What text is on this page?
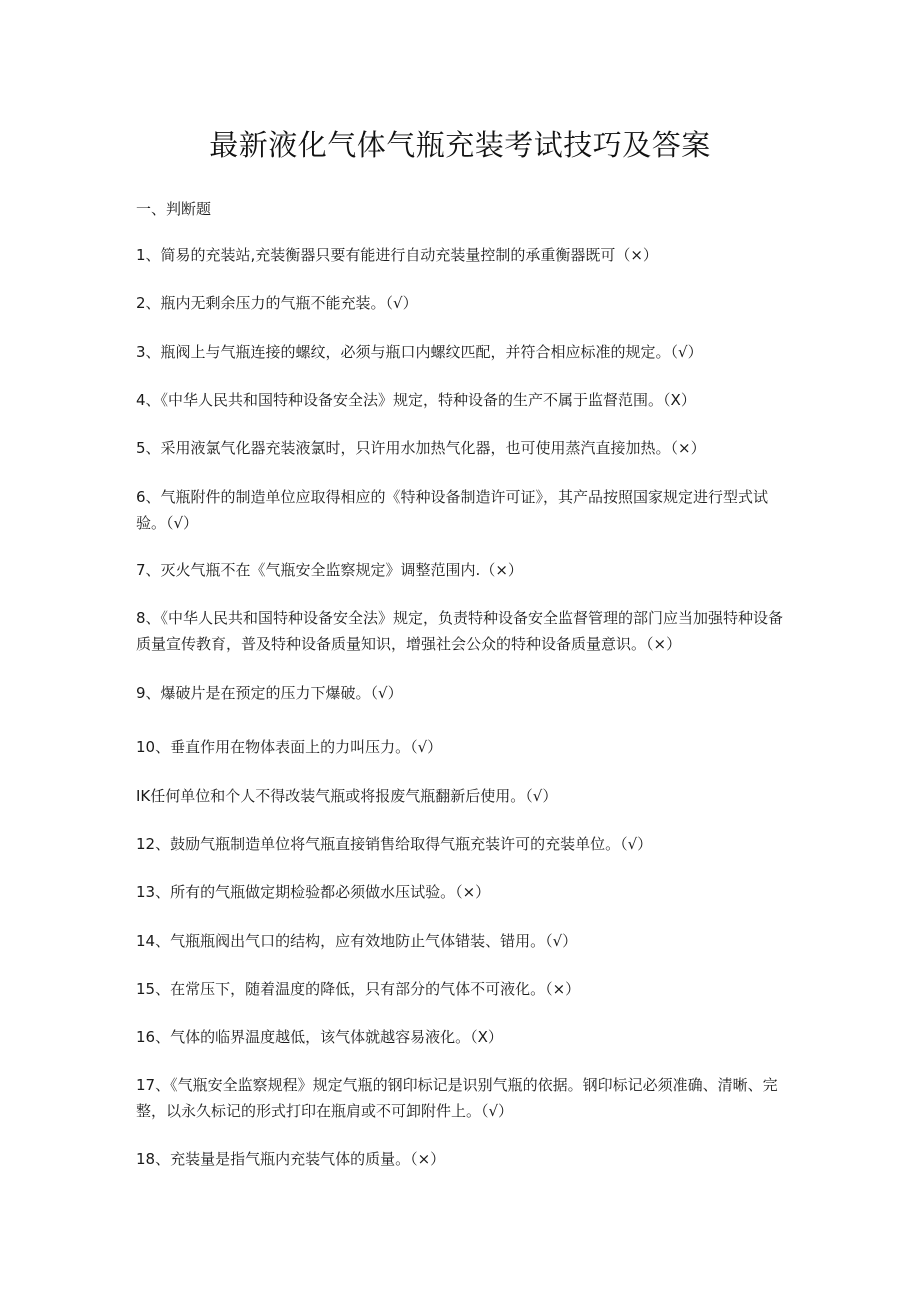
最新液化气体气瓶充装考试技巧及答案
一、判断题

1、简易的充装站,充装衡器只要有能进行自动充装量控制的承重衡器既可（×）

2、瓶内无剩余压力的气瓶不能充装。（√）

3、瓶阀上与气瓶连接的螺纹，必须与瓶口内螺纹匹配，并符合相应标准的规定。（√）

4、《中华人民共和国特种设备安全法》规定，特种设备的生产不属于监督范围。（X）

5、采用液氯气化器充装液氯时，只许用水加热气化器，也可使用蒸汽直接加热。（×）

6、气瓶附件的制造单位应取得相应的《特种设备制造许可证》，其产品按照国家规定进行型式试验。（√）

7、灭火气瓶不在《气瓶安全监察规定》调整范围内.（×）

8、《中华人民共和国特种设备安全法》规定，负责特种设备安全监督管理的部门应当加强特种设备质量宣传教育，普及特种设备质量知识，增强社会公众的特种设备质量意识。（×）

9、爆破片是在预定的压力下爆破。（√）

10、垂直作用在物体表面上的力叫压力。（√）

IK任何单位和个人不得改装气瓶或将报废气瓶翻新后使用。（√）

12、鼓励气瓶制造单位将气瓶直接销售给取得气瓶充装许可的充装单位。（√）

13、所有的气瓶做定期检验都必须做水压试验。（×）

14、气瓶瓶阀出气口的结构，应有效地防止气体错装、错用。（√）

15、在常压下，随着温度的降低，只有部分的气体不可液化。（×）

16、气体的临界温度越低，该气体就越容易液化。（X）

17、《气瓶安全监察规程》规定气瓶的钢印标记是识别气瓶的依据。钢印标记必须准确、清晰、完整，以永久标记的形式打印在瓶肩或不可卸附件上。（√）

18、充装量是指气瓶内充装气体的质量。（×）
